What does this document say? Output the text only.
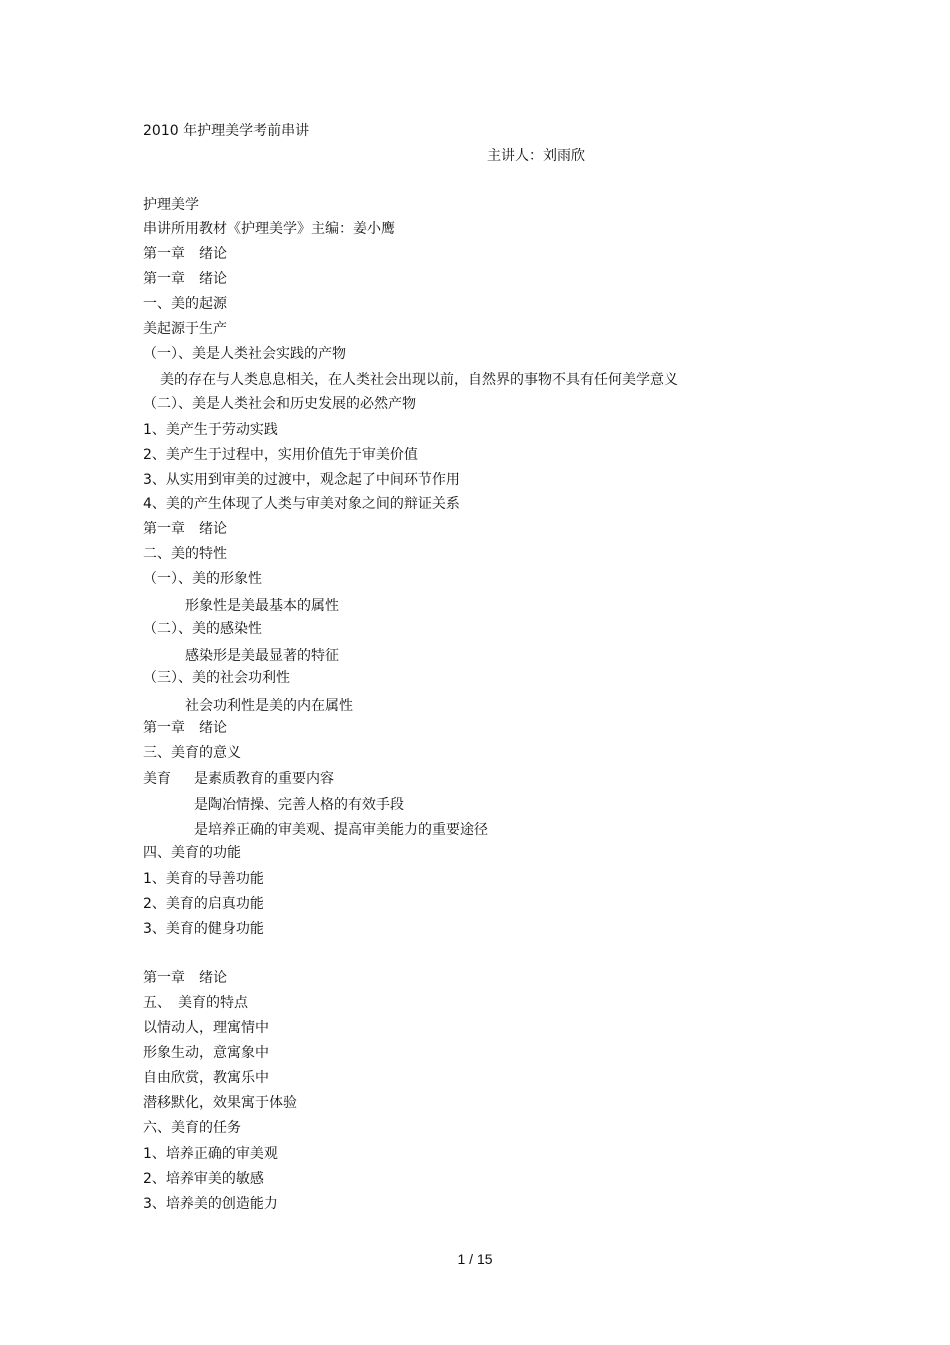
2010 年护理美学考前串讲
主讲人：刘雨欣
护理美学
串讲所用教材《护理美学》主编：姜小鹰
第一章　绪论
第一章　绪论
一、美的起源
美起源于生产
（一）、美是人类社会实践的产物
美的存在与人类息息相关，在人类社会出现以前，自然界的事物不具有任何美学意义
（二）、美是人类社会和历史发展的必然产物
1、美产生于劳动实践
2、美产生于过程中，实用价值先于审美价值
3、从实用到审美的过渡中，观念起了中间环节作用
4、美的产生体现了人类与审美对象之间的辩证关系
第一章　绪论
二、美的特性
（一）、美的形象性
形象性是美最基本的属性
（二）、美的感染性
感染形是美最显著的特征
（三）、美的社会功利性
社会功利性是美的内在属性
第一章　绪论
三、美育的意义
美育 是素质教育的重要内容
是陶冶情操、完善人格的有效手段
是培养正确的审美观、提高审美能力的重要途径
四、美育的功能
1、美育的导善功能
2、美育的启真功能
3、美育的健身功能
第一章　绪论
五、　美育的特点
以情动人，理寓情中
形象生动，意寓象中
自由欣赏，教寓乐中
潜移默化，效果寓于体验
六、美育的任务
1、培养正确的审美观
2、培养审美的敏感
3、培养美的创造能力
1 / 15
